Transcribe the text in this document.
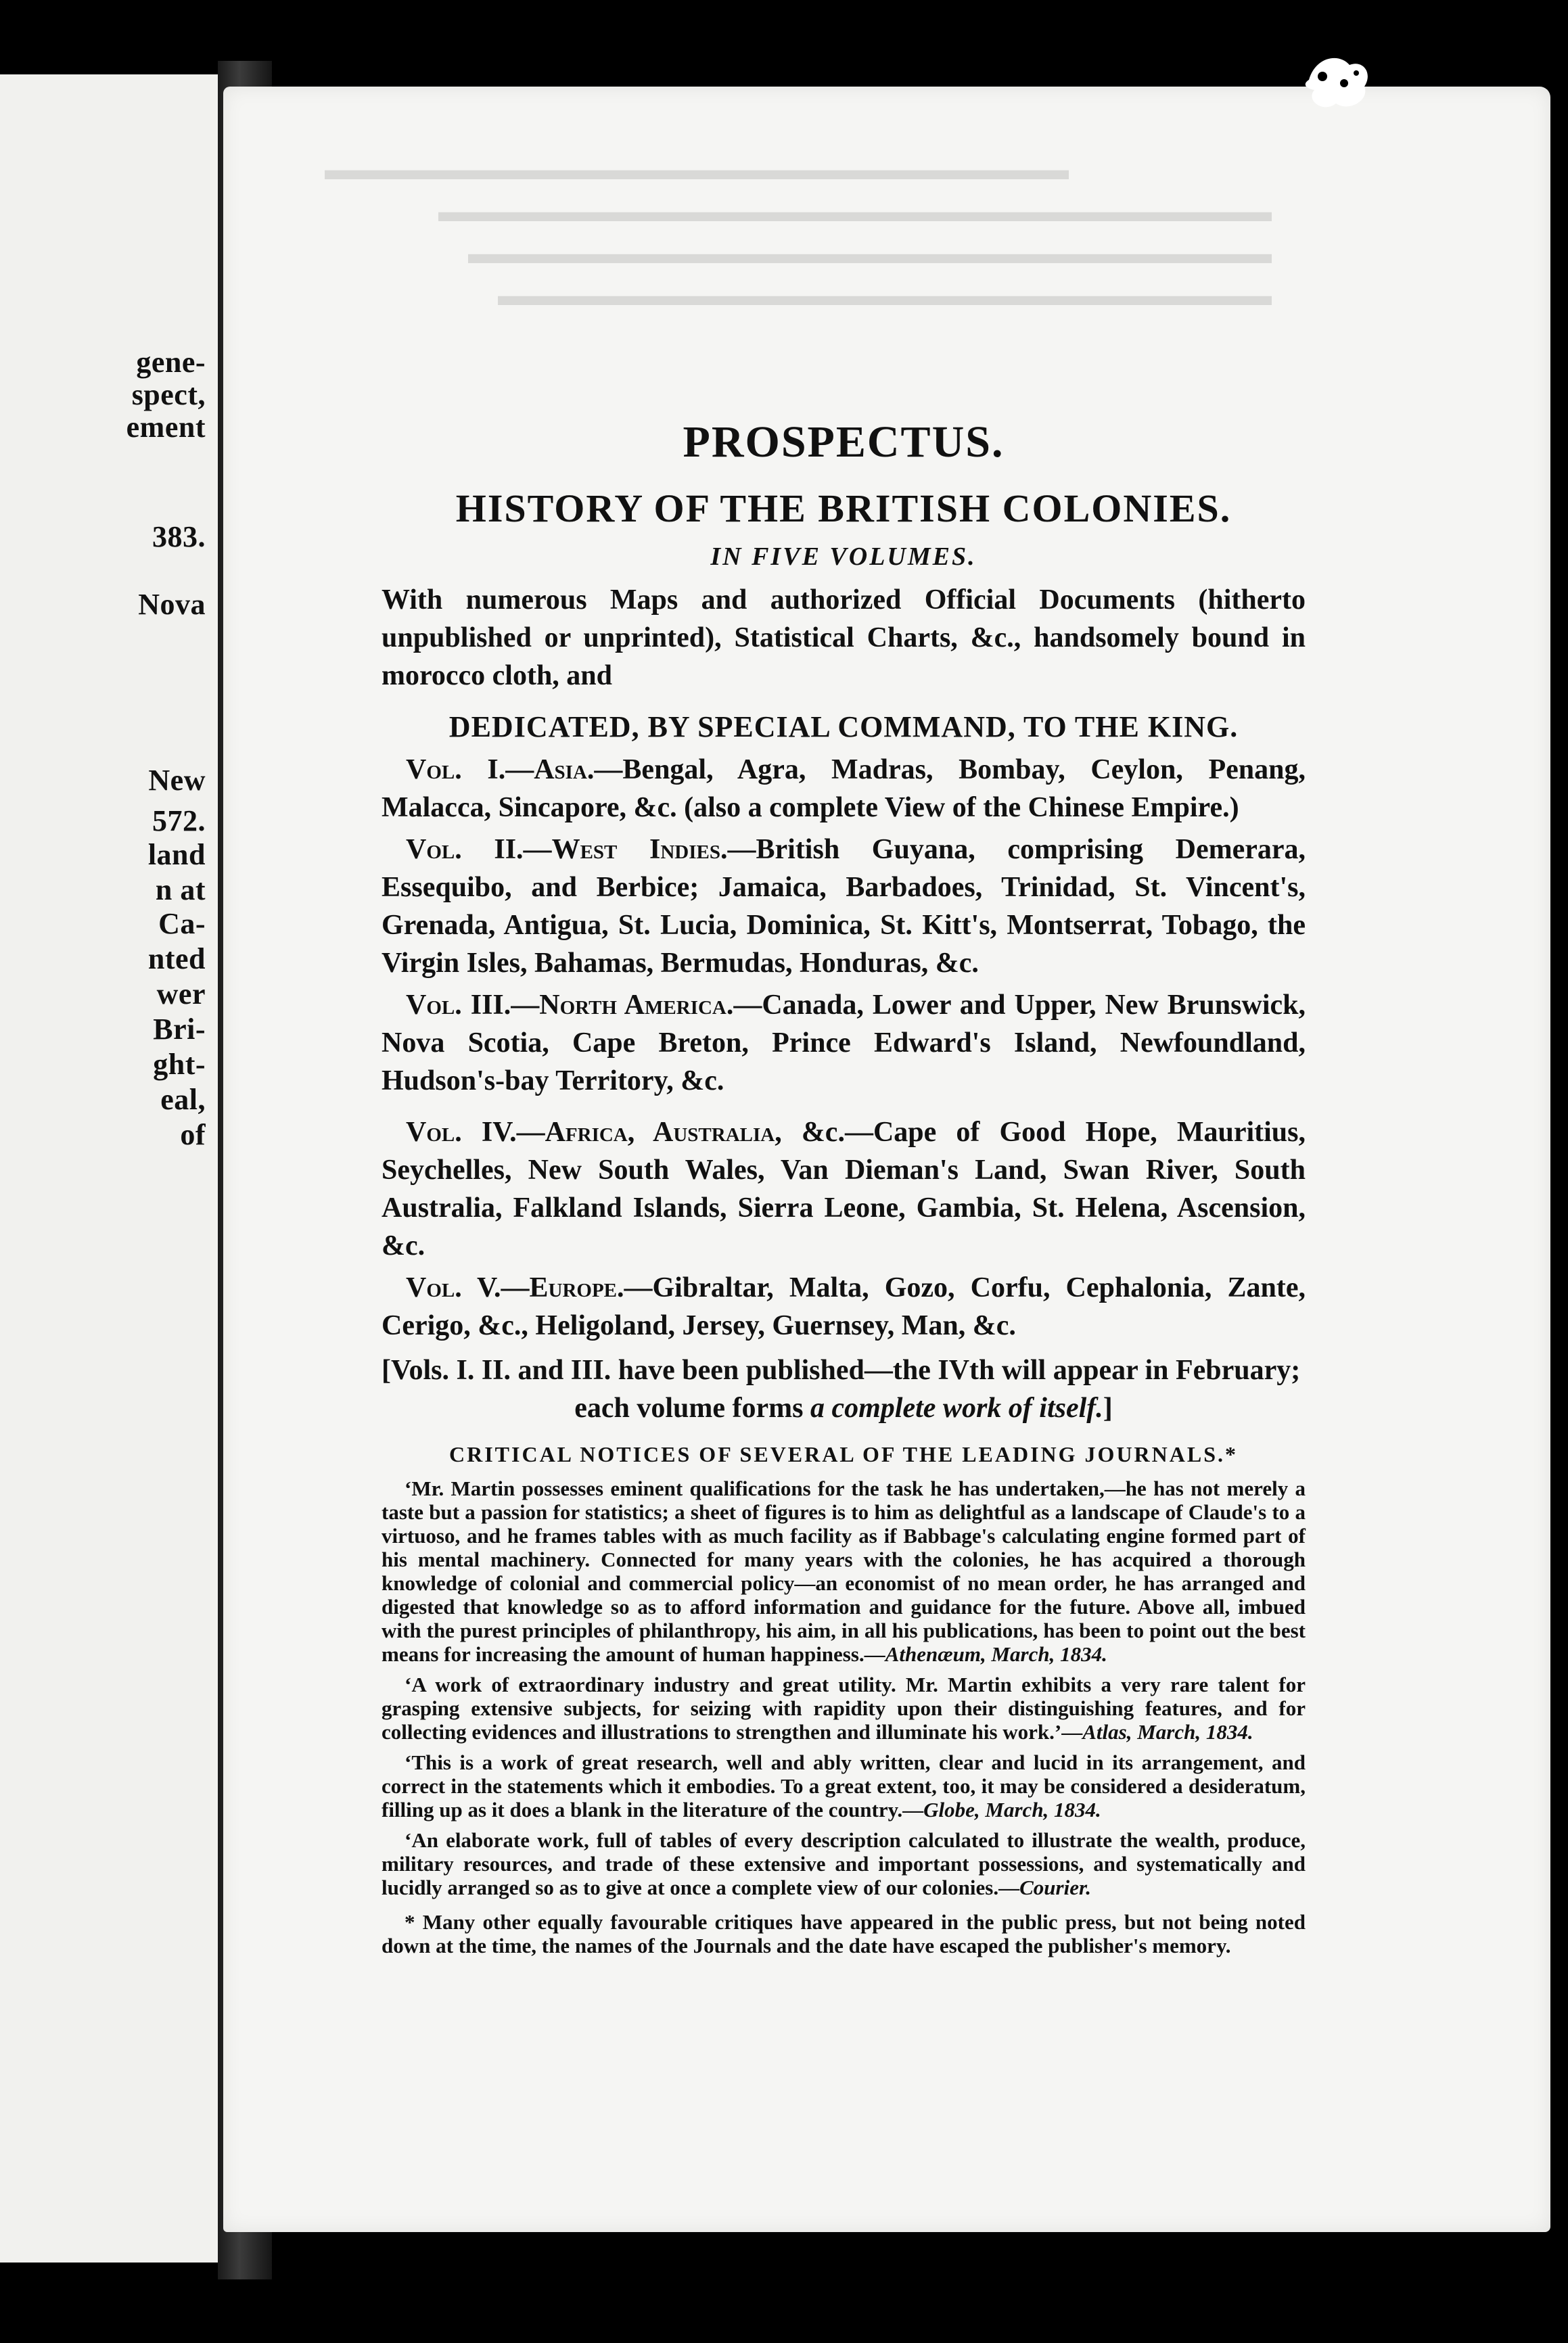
gene-
spect,
ement
383.
Nova
New
572.
land
n at
Ca-
nted
wer
Bri-
ght-
eal,
of
▬▬▬▬▬▬▬▬▬▬▬▬▬▬▬▬▬▬▬▬▬▬▬▬▬
▬▬▬▬▬▬▬▬▬▬▬▬▬▬▬▬▬▬▬▬▬▬▬▬▬▬▬▬
▬▬▬▬▬▬▬▬▬▬▬▬▬▬▬▬▬▬▬▬▬▬▬▬▬▬▬
▬▬▬▬▬▬▬▬▬▬▬▬▬▬▬▬▬▬▬▬▬▬▬▬▬▬
PROSPECTUS.
HISTORY OF THE BRITISH COLONIES.
IN FIVE VOLUMES.
With numerous Maps and authorized Official Documents (hitherto unpublished or unprinted), Statistical Charts, &c., handsomely bound in morocco cloth, and
DEDICATED, BY SPECIAL COMMAND, TO THE KING.
Vol. I.—Asia.—Bengal, Agra, Madras, Bombay, Ceylon, Penang, Malacca, Sincapore, &c. (also a complete View of the Chinese Empire.)
Vol. II.—West Indies.—British Guyana, comprising Demerara, Essequibo, and Berbice; Jamaica, Barbadoes, Trinidad, St. Vincent's, Grenada, Antigua, St. Lucia, Dominica, St. Kitt's, Montserrat, Tobago, the Virgin Isles, Bahamas, Bermudas, Honduras, &c.
Vol. III.—North America.—Canada, Lower and Upper, New Brunswick, Nova Scotia, Cape Breton, Prince Edward's Island, Newfoundland, Hudson's-bay Territory, &c.
Vol. IV.—Africa, Australia, &c.—Cape of Good Hope, Mauritius, Seychelles, New South Wales, Van Dieman's Land, Swan River, South Australia, Falkland Islands, Sierra Leone, Gambia, St. Helena, Ascension, &c.
Vol. V.—Europe.—Gibraltar, Malta, Gozo, Corfu, Cephalonia, Zante, Cerigo, &c., Heligoland, Jersey, Guernsey, Man, &c.
[Vols. I. II. and III. have been published—the IVth will appear in February;
each volume forms a complete work of itself.]
CRITICAL NOTICES OF SEVERAL OF THE LEADING JOURNALS.*
‘Mr. Martin possesses eminent qualifications for the task he has undertaken,—he has not merely a taste but a passion for statistics; a sheet of figures is to him as delightful as a landscape of Claude's to a virtuoso, and he frames tables with as much facility as if Babbage's calculating engine formed part of his mental machinery. Connected for many years with the colonies, he has acquired a thorough knowledge of colonial and commercial policy—an economist of no mean order, he has arranged and digested that knowledge so as to afford information and guidance for the future. Above all, imbued with the purest principles of philanthropy, his aim, in all his publications, has been to point out the best means for increasing the amount of human happiness.—Athenæum, March, 1834.
‘A work of extraordinary industry and great utility. Mr. Martin exhibits a very rare talent for grasping extensive subjects, for seizing with rapidity upon their distinguishing features, and for collecting evidences and illustrations to strengthen and illuminate his work.’—Atlas, March, 1834.
‘This is a work of great research, well and ably written, clear and lucid in its arrangement, and correct in the statements which it embodies. To a great extent, too, it may be considered a desideratum, filling up as it does a blank in the literature of the country.—Globe, March, 1834.
‘An elaborate work, full of tables of every description calculated to illustrate the wealth, produce, military resources, and trade of these extensive and important possessions, and systematically and lucidly arranged so as to give at once a complete view of our colonies.—Courier.
* Many other equally favourable critiques have appeared in the public press, but not being noted down at the time, the names of the Journals and the date have escaped the publisher's memory.
